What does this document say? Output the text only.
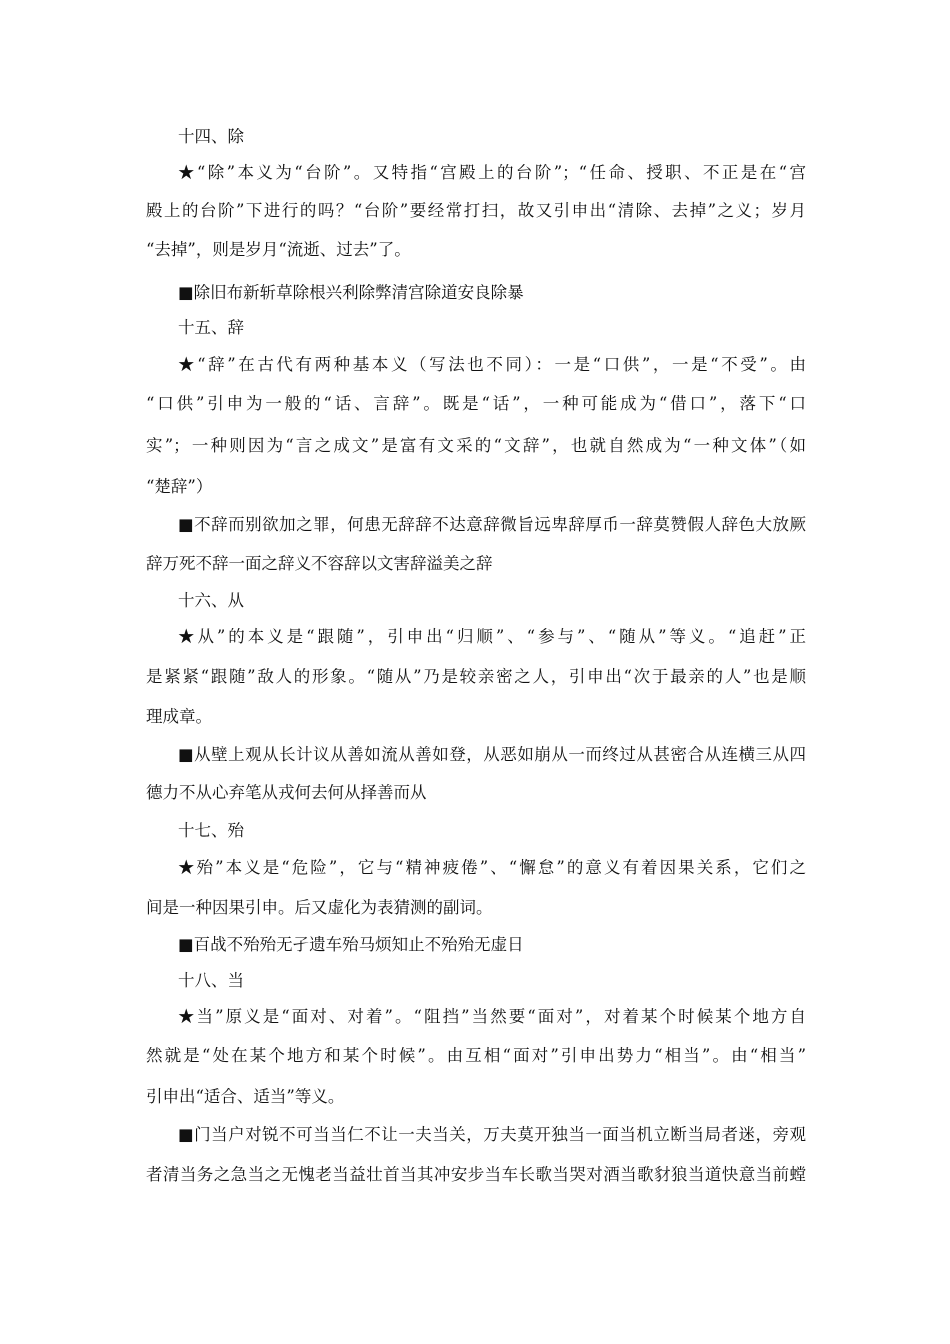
十四、除
★“除”本义为“台阶”。又特指“宫殿上的台阶”；“任命、授职、不正是在“宫
殿上的台阶”下进行的吗？“台阶”要经常打扫，故又引申出“清除、去掉”之义；岁月
“去掉”，则是岁月“流逝、过去”了。
■除旧布新斩草除根兴利除弊清宫除道安良除暴
十五、辞
★“辞”在古代有两种基本义（写法也不同）：一是“口供”，一是“不受”。由
“口供”引申为一般的“话、言辞”。既是“话”，一种可能成为“借口”，落下“口
实”；一种则因为“言之成文”是富有文采的“文辞”，也就自然成为“一种文体”（如
“楚辞”）
■不辞而别欲加之罪，何患无辞辞不达意辞微旨远卑辞厚币一辞莫赞假人辞色大放厥
辞万死不辞一面之辞义不容辞以文害辞溢美之辞
十六、从
★从”的本义是“跟随”，引申出“归顺”、“参与”、“随从”等义。“追赶”正
是紧紧“跟随”敌人的形象。“随从”乃是较亲密之人，引申出“次于最亲的人”也是顺
理成章。
■从壁上观从长计议从善如流从善如登，从恶如崩从一而终过从甚密合从连横三从四
德力不从心弃笔从戎何去何从择善而从
十七、殆
★殆”本义是“危险”，它与“精神疲倦”、“懈怠”的意义有着因果关系，它们之
间是一种因果引申。后又虚化为表猜测的副词。
■百战不殆殆无孑遗车殆马烦知止不殆殆无虚日
十八、当
★当”原义是“面对、对着”。“阻挡”当然要“面对”，对着某个时候某个地方自
然就是“处在某个地方和某个时候”。由互相“面对”引申出势力“相当”。由“相当”
引申出“适合、适当”等义。
■门当户对锐不可当当仁不让一夫当关，万夫莫开独当一面当机立断当局者迷，旁观
者清当务之急当之无愧老当益壮首当其冲安步当车长歌当哭对酒当歌豺狼当道快意当前螳
